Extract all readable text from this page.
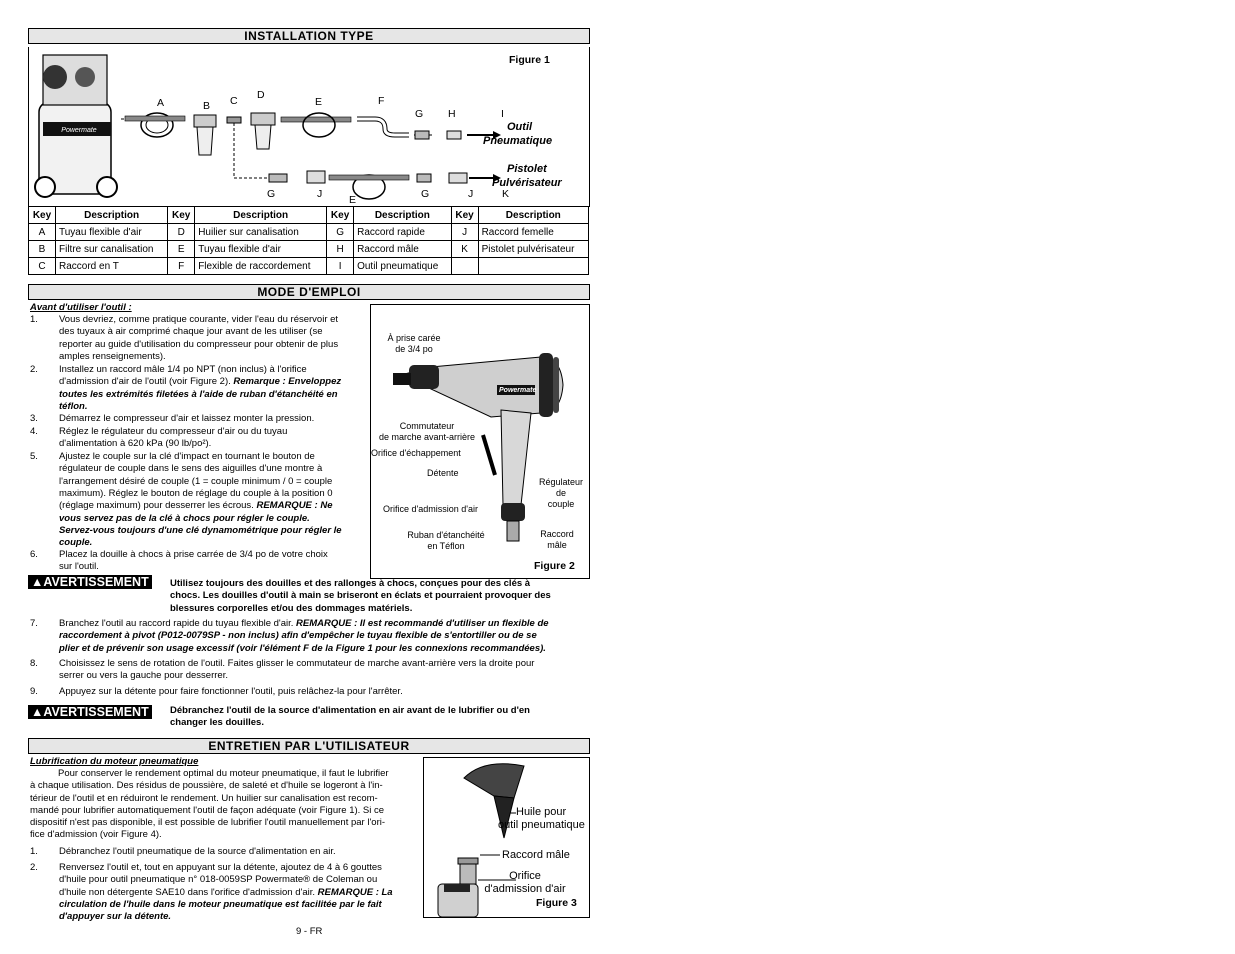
INSTALLATION TYPE
Powermate
Figure 1
A	B C D
E	F
G H	I
Outil
Pneumatique
Pistolet
Pulvérisateur
G	J	E	G	J	K
Key	Description	Key	Description	Key	Description	Key	Description
A	Tuyau flexible d'air	D	Huilier sur canalisation	G	Raccord rapide	J	Raccord femelle
B	Filtre sur canalisation	E	Tuyau flexible d'air	H	Raccord mâle	K	Pistolet pulvérisateur
C	Raccord en T	F	Flexible de raccordement	I	Outil pneumatique		
MODE D'EMPLOI
Avant d'utiliser l'outil :
1. Vous devriez, comme pratique courante, vider l'eau du réservoir et
des tuyaux à air comprimé chaque jour avant de les utiliser (se
reporter au guide d'utilisation du compresseur pour obtenir de plus
amples renseignements).
2. Installez un raccord mâle 1/4 po NPT (non inclus) à l'orifice
d'admission d'air de l'outil (voir Figure 2). Remarque : Enveloppez
toutes les extrémités filetées à l'aide de ruban d'étanchéité en
téflon.
3. Démarrez le compresseur d'air et laissez monter la pression.
4. Réglez le régulateur du compresseur d'air ou du tuyau
d'alimentation à 620 kPa (90 lb/po²).
5. Ajustez le couple sur la clé d'impact en tournant le bouton de
régulateur de couple dans le sens des aiguilles d'une montre à
l'arrangement désiré de couple (1 = couple minimum / 0 = couple
maximum). Réglez le bouton de réglage du couple à la position 0
(réglage maximum) pour desserrer les écrous. REMARQUE : Ne
vous servez pas de la clé à chocs pour régler le couple.
Servez-vous toujours d'une clé dynamométrique pour régler le
couple.
6. Placez la douille à chocs à prise carrée de 3/4 po de votre choix
sur l'outil.
Powermate
À prise carée
de 3/4 po
Commutateur
de marche avant-arrière
Orifice d'échappement
Détente
Régulateur
de
couple
Orifice d'admission d'air
Ruban d'étanchéité
en Téflon
Raccord
mâle
Figure 2
▲AVERTISSEMENT	Utilisez toujours des douilles et des rallonges à chocs, conçues pour des clés à
chocs. Les douilles d'outil à main se briseront en éclats et pourraient provoquer des
blessures corporelles et/ou des dommages matériels.
7. Branchez l'outil au raccord rapide du tuyau flexible d'air. REMARQUE : Il est recommandé d'utiliser un flexible de
raccordement à pivot (P012-0079SP - non inclus) afin d'empêcher le tuyau flexible de s'entortiller ou de se
plier et de prévenir son usage excessif (voir l'élément F de la Figure 1 pour les connexions recommandées).
8. Choisissez le sens de rotation de l'outil. Faites glisser le commutateur de marche avant-arrière vers la droite pour
serrer ou vers la gauche pour desserrer.
9. Appuyez sur la détente pour faire fonctionner l'outil, puis relâchez-la pour l'arrêter.
▲AVERTISSEMENT	Débranchez l'outil de la source d'alimentation en air avant de le lubrifier ou d'en
changer les douilles.
ENTRETIEN PAR L'UTILISATEUR
Lubrification du moteur pneumatique
Pour conserver le rendement optimal du moteur pneumatique, il faut le lubrifier
à chaque utilisation. Des résidus de poussière, de saleté et d'huile se logeront à l'in-
térieur de l'outil et en réduiront le rendement. Un huilier sur canalisation est recom-
mandé pour lubrifier automatiquement l'outil de façon adéquate (voir Figure 1). Si ce
dispositif n'est pas disponible, il est possible de lubrifier l'outil manuellement par l'ori-
fice d'admission (voir Figure 4).
1. Débranchez l'outil pneumatique de la source d'alimentation en air.
2. Renversez l'outil et, tout en appuyant sur la détente, ajoutez de 4 à 6 gouttes
d'huile pour outil pneumatique n° 018-0059SP Powermate® de Coleman ou
d'huile non détergente SAE10 dans l'orifice d'admission d'air. REMARQUE : La
circulation de l'huile dans le moteur pneumatique est facilitée par le fait
d'appuyer sur la détente.
Huile pour
outil pneumatique
Raccord mâle
Orifice
d'admission d'air
Figure 3
9 - FR
